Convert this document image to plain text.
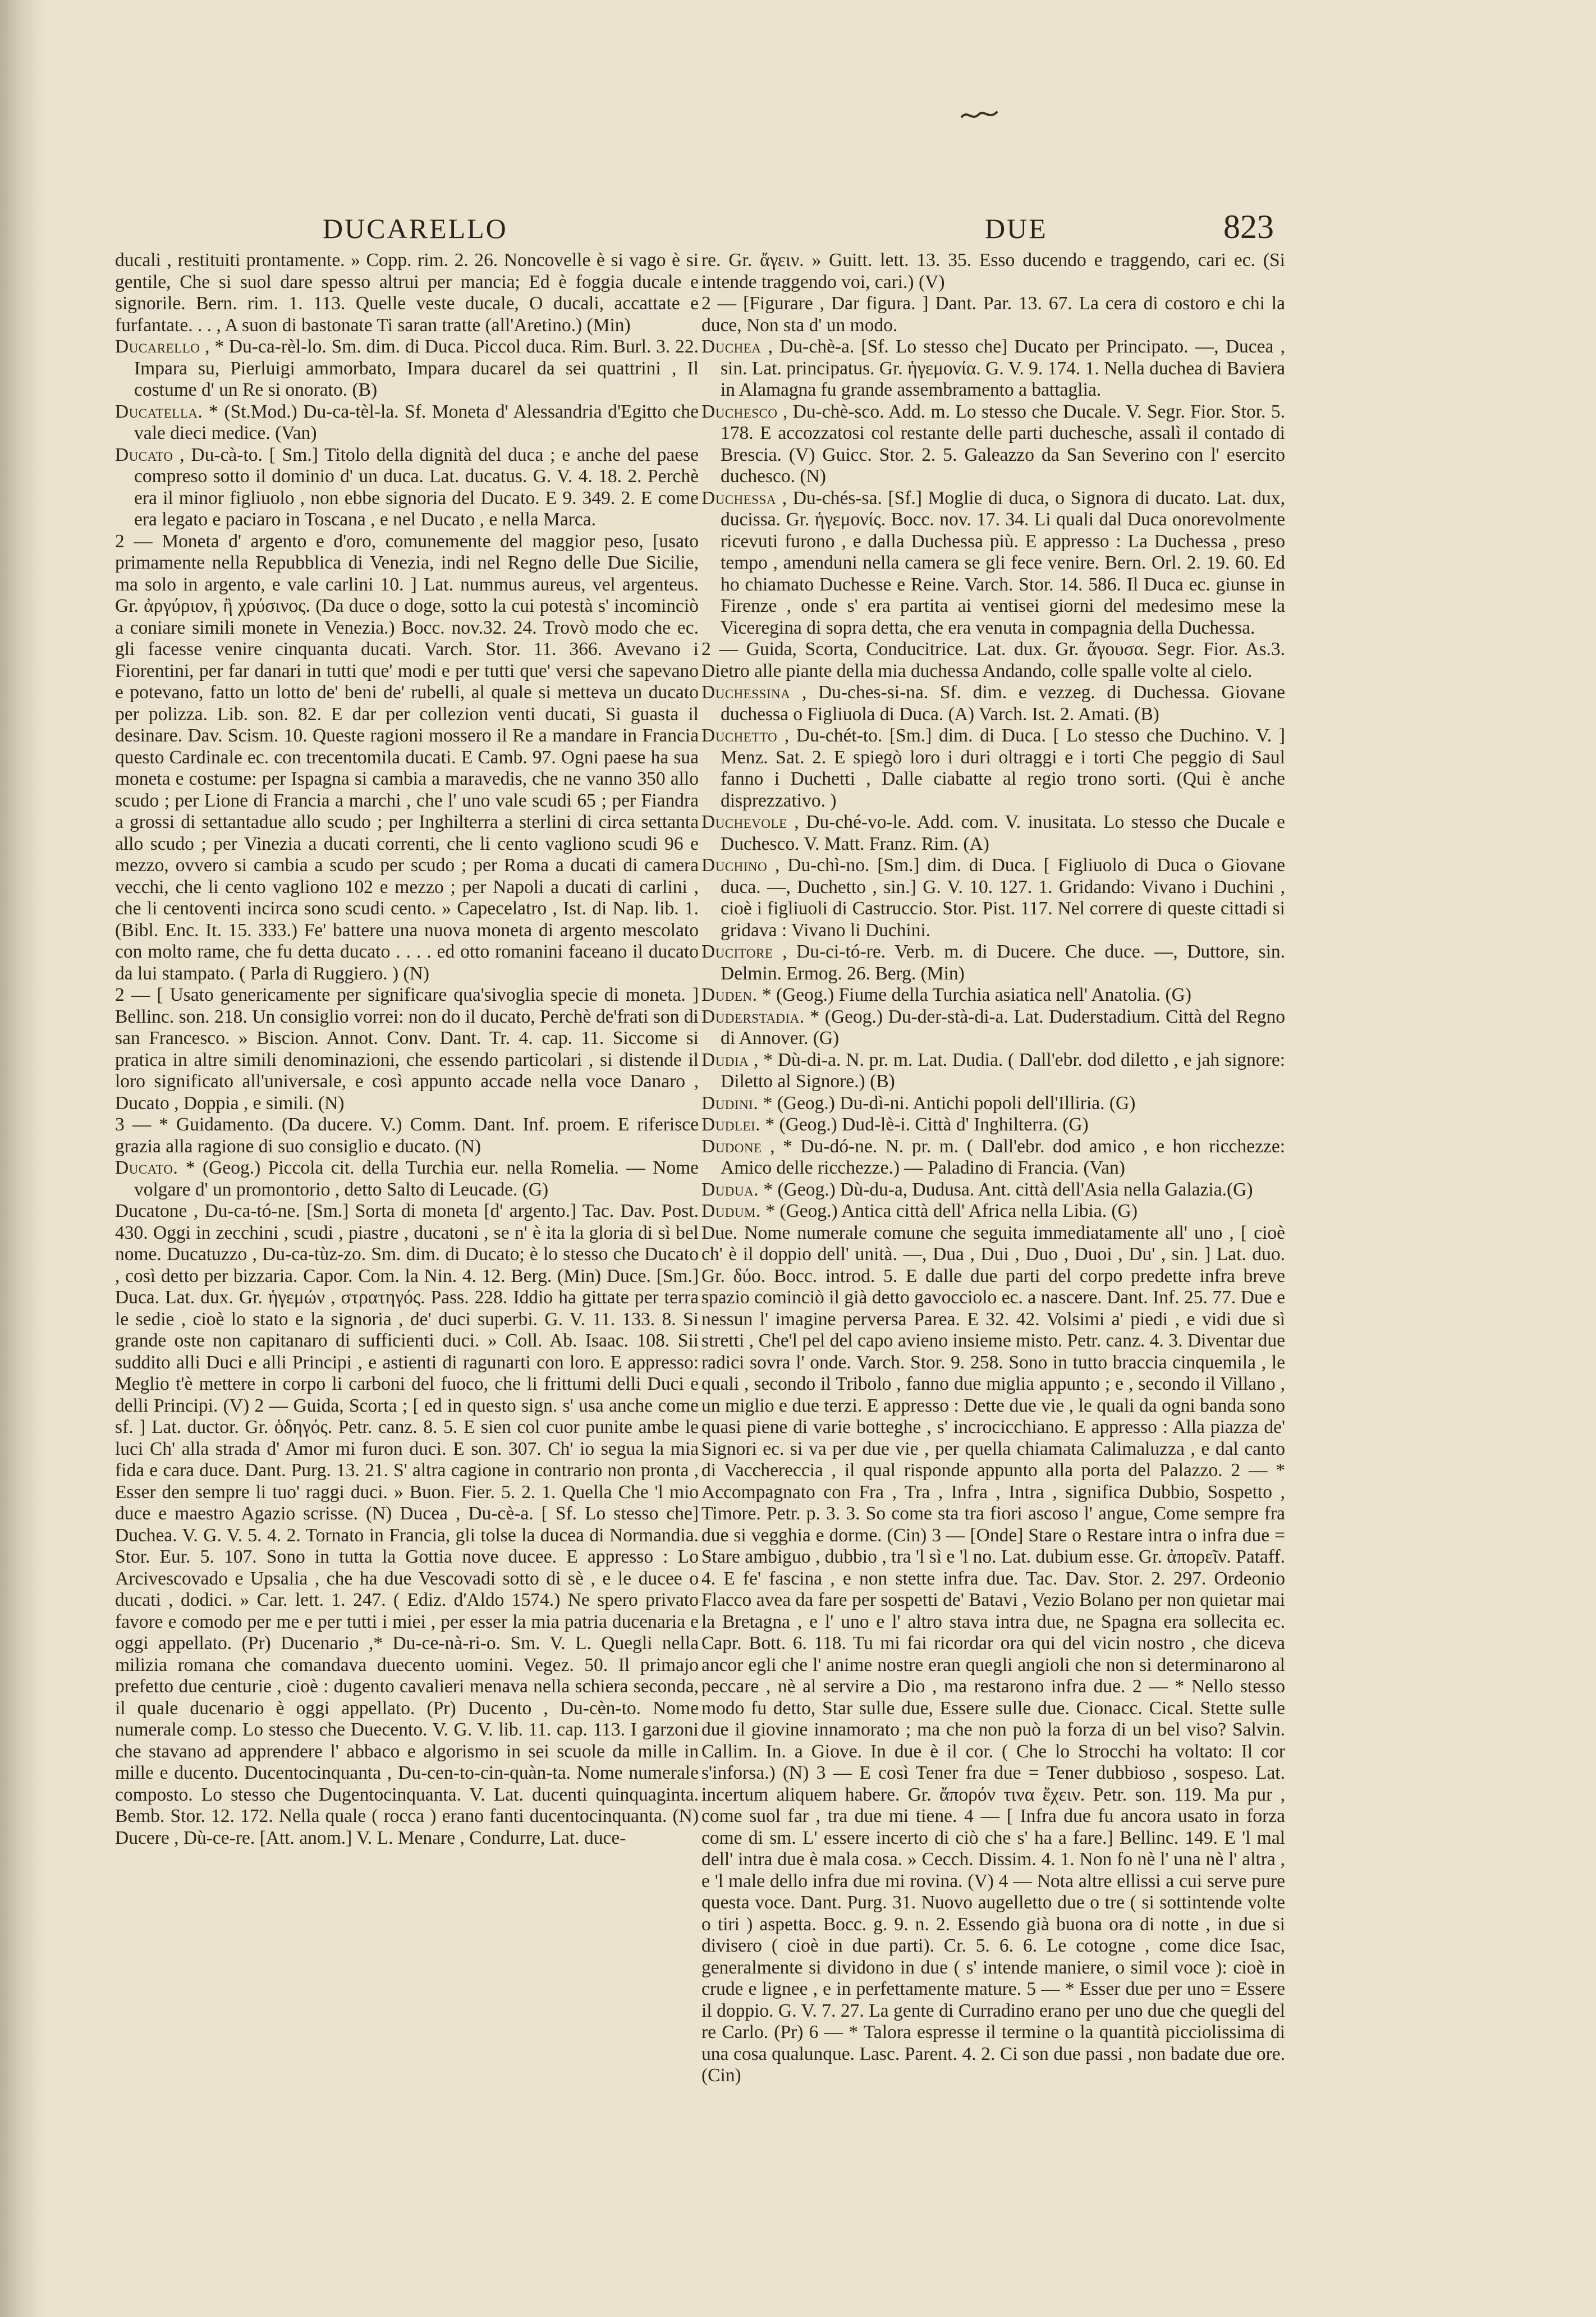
DUCARELLO	DUE	823

ducali , restituiti prontamente. » Copp. rim. 2. 26. Noncovelle è si vago è si gentile, Che si suol dare spesso altrui per mancia; Ed è foggia ducale e signorile. Bern. rim. 1. 113. Quelle veste ducale, O ducali, accattate e furfantate. . . , A suon di bastonate Ti saran tratte (all'Aretino.) (Min)

Ducarello , * Du-ca-rèl-lo. Sm. dim. di Duca. Piccol duca. Rim. Burl. 3. 22. Impara su, Pierluigi ammorbato, Impara ducarel da sei quattrini , Il costume d' un Re si onorato. (B)

Ducatella. * (St.Mod.) Du-ca-tèl-la. Sf. Moneta d' Alessandria d'Egitto che vale dieci medice. (Van)

Ducato , Du-cà-to. [ Sm.] Titolo della dignità del duca ; e anche del paese compreso sotto il dominio d' un duca. Lat. ducatus. G. V. 4. 18. 2. Perchè era il minor figliuolo , non ebbe signoria del Ducato. E 9. 349. 2. E come era legato e paciaro in Toscana , e nel Ducato , e nella Marca.

2 — Moneta d' argento e d'oro, comunemente del maggior peso, [usato primamente nella Repubblica di Venezia, indi nel Regno delle Due Sicilie, ma solo in argento, e vale carlini 10. ] Lat. nummus aureus, vel argenteus. Gr. ἀργύριον, ἢ χρύσινος. (Da duce o doge, sotto la cui potestà s' incominciò a coniare simili monete in Venezia.) Bocc. nov.32. 24. Trovò modo che ec. gli facesse venire cinquanta ducati. Varch. Stor. 11. 366. Avevano i Fiorentini, per far danari in tutti que' modi e per tutti que' versi che sapevano e potevano, fatto un lotto de' beni de' rubelli, al quale si metteva un ducato per polizza. Lib. son. 82. E dar per collezion venti ducati, Si guasta il desinare. Dav. Scism. 10. Queste ragioni mossero il Re a mandare in Francia questo Cardinale ec. con trecentomila ducati. E Camb. 97. Ogni paese ha sua moneta e costume: per Ispagna si cambia a maravedis, che ne vanno 350 allo scudo ; per Lione di Francia a marchi , che l' uno vale scudi 65 ; per Fiandra a grossi di settantadue allo scudo ; per Inghilterra a sterlini di circa settanta allo scudo ; per Vinezia a ducati correnti, che li cento vagliono scudi 96 e mezzo, ovvero si cambia a scudo per scudo ; per Roma a ducati di camera vecchi, che li cento vagliono 102 e mezzo ; per Napoli a ducati di carlini , che li centoventi incirca sono scudi cento. » Capecelatro , Ist. di Nap. lib. 1. (Bibl. Enc. It. 15. 333.) Fe' battere una nuova moneta di argento mescolato con molto rame, che fu detta ducato . . . . ed otto romanini faceano il ducato da lui stampato. ( Parla di Ruggiero. ) (N)

2 — [ Usato genericamente per significare qua'sivoglia specie di moneta. ] Bellinc. son. 218. Un consiglio vorrei: non do il ducato, Perchè de'frati son di san Francesco. » Biscion. Annot. Conv. Dant. Tr. 4. cap. 11. Siccome si pratica in altre simili denominazioni, che essendo particolari , si distende il loro significato all'universale, e così appunto accade nella voce Danaro , Ducato , Doppia , e simili. (N)

3 — * Guidamento. (Da ducere. V.) Comm. Dant. Inf. proem. E riferisce grazia alla ragione di suo consiglio e ducato. (N)

Ducato. * (Geog.) Piccola cit. della Turchia eur. nella Romelia. — Nome volgare d' un promontorio , detto Salto di Leucade. (G)

Ducatone , Du-ca-tó-ne. [Sm.] Sorta di moneta [d' argento.] Tac. Dav. Post. 430. Oggi in zecchini , scudi , piastre , ducatoni , se n' è ita la gloria di sì bel nome. Ducatuzzo , Du-ca-tùz-zo. Sm. dim. di Ducato; è lo stesso che Ducato , così detto per bizzaria. Capor. Com. la Nin. 4. 12. Berg. (Min) Duce. [Sm.] Duca. Lat. dux. Gr. ἡγεμών , στρατηγός. Pass. 228. Iddio ha gittate per terra le sedie , cioè lo stato e la signoria , de' duci superbi. G. V. 11. 133. 8. Si grande oste non capitanaro di sufficienti duci. » Coll. Ab. Isaac. 108. Sii suddito alli Duci e alli Principi , e astienti di ragunarti con loro. E appresso: Meglio t'è mettere in corpo li carboni del fuoco, che li frittumi delli Duci e delli Principi. (V) 2 — Guida, Scorta ; [ ed in questo sign. s' usa anche come sf. ] Lat. ductor. Gr. ὁδηγός. Petr. canz. 8. 5. E sien col cuor punite ambe le luci Ch' alla strada d' Amor mi furon duci. E son. 307. Ch' io segua la mia fida e cara duce. Dant. Purg. 13. 21. S' altra cagione in contrario non pronta , Esser den sempre li tuo' raggi duci. » Buon. Fier. 5. 2. 1. Quella Che 'l mio duce e maestro Agazio scrisse. (N) Ducea , Du-cè-a. [ Sf. Lo stesso che] Duchea. V. G. V. 5. 4. 2. Tornato in Francia, gli tolse la ducea di Normandia. Stor. Eur. 5. 107. Sono in tutta la Gottia nove ducee. E appresso : Lo Arcivescovado e Upsalia , che ha due Vescovadi sotto di sè , e le ducee o ducati , dodici. » Car. lett. 1. 247. ( Ediz. d'Aldo 1574.) Ne spero privato favore e comodo per me e per tutti i miei , per esser la mia patria ducenaria e oggi appellato. (Pr) Ducenario ,* Du-ce-nà-ri-o. Sm. V. L. Quegli nella milizia romana che comandava duecento uomini. Vegez. 50. Il primajo prefetto due centurie , cioè : dugento cavalieri menava nella schiera seconda, il quale ducenario è oggi appellato. (Pr) Ducento , Du-cèn-to. Nome numerale comp. Lo stesso che Duecento. V. G. V. lib. 11. cap. 113. I garzoni che stavano ad apprendere l' abbaco e algorismo in sei scuole da mille in mille e ducento. Ducentocinquanta , Du-cen-to-cin-quàn-ta. Nome numerale composto. Lo stesso che Dugentocinquanta. V. Lat. ducenti quinquaginta. Bemb. Stor. 12. 172. Nella quale ( rocca ) erano fanti ducentocinquanta. (N) Ducere , Dù-ce-re. [Att. anom.] V. L. Menare , Condurre, Lat. duce-

re. Gr. ἄγειν. » Guitt. lett. 13. 35. Esso ducendo e traggendo, cari ec. (Si intende traggendo voi, cari.) (V)

2 — [Figurare , Dar figura. ] Dant. Par. 13. 67. La cera di costoro e chi la duce, Non sta d' un modo.

Duchea , Du-chè-a. [Sf. Lo stesso che] Ducato per Principato. —, Ducea , sin. Lat. principatus. Gr. ἡγεμονία. G. V. 9. 174. 1. Nella duchea di Baviera in Alamagna fu grande assembramento a battaglia.

Duchesco , Du-chè-sco. Add. m. Lo stesso che Ducale. V. Segr. Fior. Stor. 5. 178. E accozzatosi col restante delle parti duchesche, assalì il contado di Brescia. (V) Guicc. Stor. 2. 5. Galeazzo da San Severino con l' esercito duchesco. (N)

Duchessa , Du-chés-sa. [Sf.] Moglie di duca, o Signora di ducato. Lat. dux, ducissa. Gr. ἡγεμονίς. Bocc. nov. 17. 34. Li quali dal Duca onorevolmente ricevuti furono , e dalla Duchessa più. E appresso : La Duchessa , preso tempo , amenduni nella camera se gli fece venire. Bern. Orl. 2. 19. 60. Ed ho chiamato Duchesse e Reine. Varch. Stor. 14. 586. Il Duca ec. giunse in Firenze , onde s' era partita ai ventisei giorni del medesimo mese la Viceregina di sopra detta, che era venuta in compagnia della Duchessa.

2 — Guida, Scorta, Conducitrice. Lat. dux. Gr. ἄγουσα. Segr. Fior. As.3. Dietro alle piante della mia duchessa Andando, colle spalle volte al cielo.

Duchessina , Du-ches-si-na. Sf. dim. e vezzeg. di Duchessa. Giovane duchessa o Figliuola di Duca. (A) Varch. Ist. 2. Amati. (B)

Duchetto , Du-chét-to. [Sm.] dim. di Duca. [ Lo stesso che Duchino. V. ] Menz. Sat. 2. E spiegò loro i duri oltraggi e i torti Che peggio di Saul fanno i Duchetti , Dalle ciabatte al regio trono sorti. (Qui è anche disprezzativo. )

Duchevole , Du-ché-vo-le. Add. com. V. inusitata. Lo stesso che Ducale e Duchesco. V. Matt. Franz. Rim. (A)

Duchino , Du-chì-no. [Sm.] dim. di Duca. [ Figliuolo di Duca o Giovane duca. —, Duchetto , sin.] G. V. 10. 127. 1. Gridando: Vivano i Duchini , cioè i figliuoli di Castruccio. Stor. Pist. 117. Nel correre di queste cittadi si gridava : Vivano li Duchini.

Ducitore , Du-ci-tó-re. Verb. m. di Ducere. Che duce. —, Duttore, sin. Delmin. Ermog. 26. Berg. (Min)

Duden. * (Geog.) Fiume della Turchia asiatica nell' Anatolia. (G)

Duderstadia. * (Geog.) Du-der-stà-di-a. Lat. Duderstadium. Città del Regno di Annover. (G)

Dudia , * Dù-di-a. N. pr. m. Lat. Dudia. ( Dall'ebr. dod diletto , e jah signore: Diletto al Signore.) (B)

Dudini. * (Geog.) Du-dì-ni. Antichi popoli dell'Illiria. (G)

Dudlei. * (Geog.) Dud-lè-i. Città d' Inghilterra. (G)

Dudone , * Du-dó-ne. N. pr. m. ( Dall'ebr. dod amico , e hon ricchezze: Amico delle ricchezze.) — Paladino di Francia. (Van)

Dudua. * (Geog.) Dù-du-a, Dudusa. Ant. città dell'Asia nella Galazia.(G)

Dudum. * (Geog.) Antica città dell' Africa nella Libia. (G)

Due. Nome numerale comune che seguita immediatamente all' uno , [ cioè ch' è il doppio dell' unità. —, Dua , Dui , Duo , Duoi , Du' , sin. ] Lat. duo. Gr. δύο. Bocc. introd. 5. E dalle due parti del corpo predette infra breve spazio cominciò il già detto gavocciolo ec. a nascere. Dant. Inf. 25. 77. Due e nessun l' imagine perversa Parea. E 32. 42. Volsimi a' piedi , e vidi due sì stretti , Che'l pel del capo avieno insieme misto. Petr. canz. 4. 3. Diventar due radici sovra l' onde. Varch. Stor. 9. 258. Sono in tutto braccia cinquemila , le quali , secondo il Tribolo , fanno due miglia appunto ; e , secondo il Villano , un miglio e due terzi. E appresso : Dette due vie , le quali da ogni banda sono quasi piene di varie botteghe , s' incrocicchiano. E appresso : Alla piazza de' Signori ec. si va per due vie , per quella chiamata Calimaluzza , e dal canto di Vacchereccia , il qual risponde appunto alla porta del Palazzo. 2 — * Accompagnato con Fra , Tra , Infra , Intra , significa Dubbio, Sospetto , Timore. Petr. p. 3. 3. So come sta tra fiori ascoso l' angue, Come sempre fra due si vegghia e dorme. (Cin) 3 — [Onde] Stare o Restare intra o infra due = Stare ambiguo , dubbio , tra 'l sì e 'l no. Lat. dubium esse. Gr. ἀπορεῖν. Pataff. 4. E fe' fascina , e non stette infra due. Tac. Dav. Stor. 2. 297. Ordeonio Flacco avea da fare per sospetti de' Batavi , Vezio Bolano per non quietar mai la Bretagna , e l' uno e l' altro stava intra due, ne Spagna era sollecita ec. Capr. Bott. 6. 118. Tu mi fai ricordar ora qui del vicin nostro , che diceva ancor egli che l' anime nostre eran quegli angioli che non si determinarono al peccare , nè al servire a Dio , ma restarono infra due. 2 — * Nello stesso modo fu detto, Star sulle due, Essere sulle due. Cionacc. Cical. Stette sulle due il giovine innamorato ; ma che non può la forza di un bel viso? Salvin. Callim. In. a Giove. In due è il cor. ( Che lo Strocchi ha voltato: Il cor s'inforsa.) (N) 3 — E così Tener fra due = Tener dubbioso , sospeso. Lat. incertum aliquem habere. Gr. ἄπορόν τινα ἔχειν. Petr. son. 119. Ma pur , come suol far , tra due mi tiene. 4 — [ Infra due fu ancora usato in forza come di sm. L' essere incerto di ciò che s' ha a fare.] Bellinc. 149. E 'l mal dell' intra due è mala cosa. » Cecch. Dissim. 4. 1. Non fo nè l' una nè l' altra , e 'l male dello infra due mi rovina. (V) 4 — Nota altre ellissi a cui serve pure questa voce. Dant. Purg. 31. Nuovo augelletto due o tre ( si sottintende volte o tiri ) aspetta. Bocc. g. 9. n. 2. Essendo già buona ora di notte , in due si divisero ( cioè in due parti). Cr. 5. 6. 6. Le cotogne , come dice Isac, generalmente si dividono in due ( s' intende maniere, o simil voce ): cioè in crude e lignee , e in perfettamente mature. 5 — * Esser due per uno = Essere il doppio. G. V. 7. 27. La gente di Curradino erano per uno due che quegli del re Carlo. (Pr) 6 — * Talora espresse il termine o la quantità picciolissima di una cosa qualunque. Lasc. Parent. 4. 2. Ci son due passi , non badate due ore. (Cin)
